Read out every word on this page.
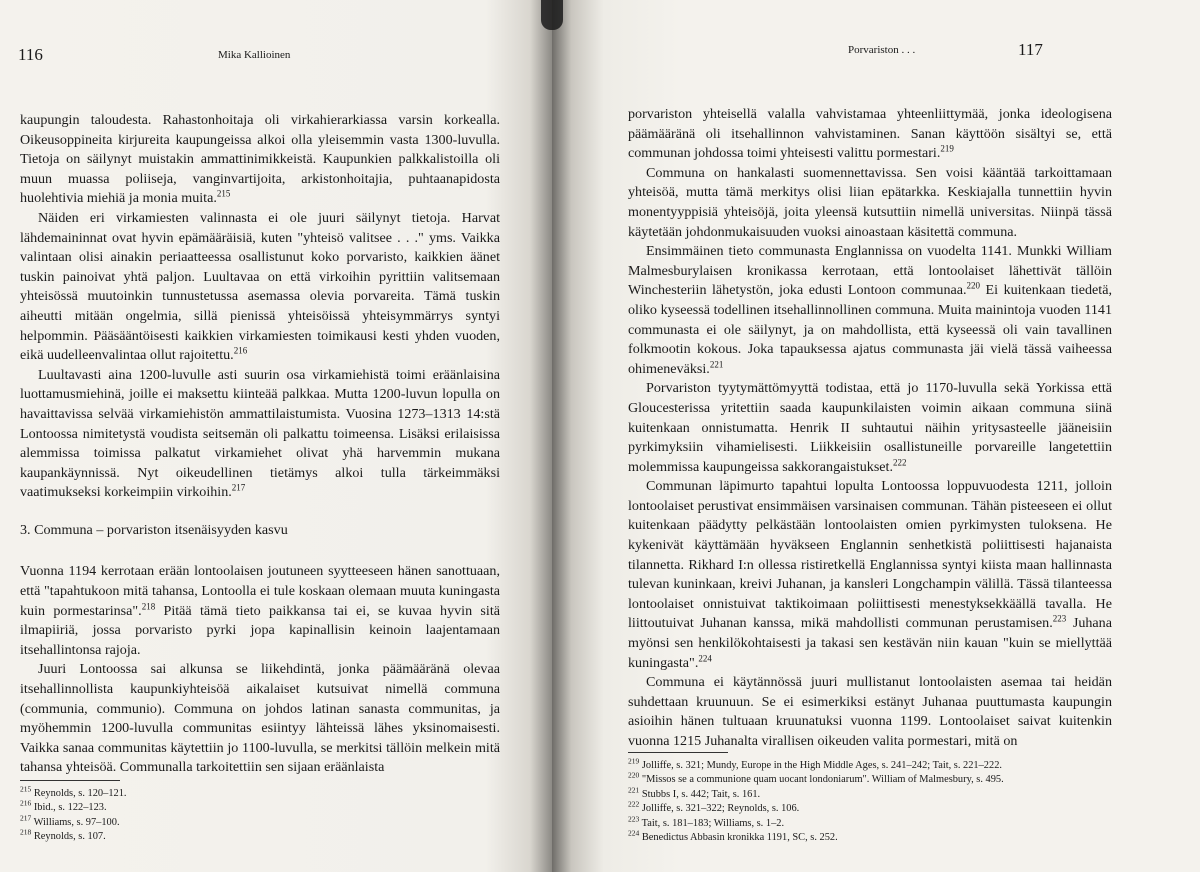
116	Mika Kallioinen

kaupungin taloudesta. Rahastonhoitaja oli virkahierarkiassa varsin korkealla. Oikeusoppineita kirjureita kaupungeissa alkoi olla yleisemmin vasta 1300-luvulla. Tietoja on säilynyt muistakin ammattinimikkeistä. Kaupunkien palkkalistoilla oli muun muassa poliiseja, vanginvartijoita, arkistonhoitajia, puhtaanapidosta huolehtivia miehiä ja monia muita.$^{215}$

Näiden eri virkamiesten valinnasta ei ole juuri säilynyt tietoja. Harvat lähdemaininnat ovat hyvin epämääräisiä, kuten "yhteisö valitsee . . ." yms. Vaikka valintaan olisi ainakin periaatteessa osallistunut koko porvaristo, kaikkien äänet tuskin painoivat yhtä paljon. Luultavaa on että virkoihin pyrittiin valitsemaan yhteisössä muutoinkin tunnustetussa asemassa olevia porvareita. Tämä tuskin aiheutti mitään ongelmia, sillä pienissä yhteisöissä yhteisymmärrys syntyi helpommin. Pääsääntöisesti kaikkien virkamiesten toimikausi kesti yhden vuoden, eikä uudelleenvalintaa ollut rajoitettu.$^{216}$

Luultavasti aina 1200-luvulle asti suurin osa virkamiehistä toimi eräänlaisina luottamusmiehinä, joille ei maksettu kiinteää palkkaa. Mutta 1200-luvun lopulla on havaittavissa selvää virkamiehistön ammattilaistumista. Vuosina 1273–1313 14:stä Lontoossa nimitetystä voudista seitsemän oli palkattu toimeensa. Lisäksi erilaisissa alemmissa toimissa palkatut virkamiehet olivat yhä harvemmin mukana kaupankäynnissä. Nyt oikeudellinen tietämys alkoi tulla tärkeimmäksi vaatimukseksi korkeimpiin virkoihin.$^{217}$

3. Communa – porvariston itsenäisyyden kasvu

Vuonna 1194 kerrotaan erään lontoolaisen joutuneen syytteeseen hänen sanottuaan, että "tapahtukoon mitä tahansa, Lontoolla ei tule koskaan olemaan muuta kuningasta kuin pormestarinsa".$^{218}$ Pitää tämä tieto paikkansa tai ei, se kuvaa hyvin sitä ilmapiiriä, jossa porvaristo pyrki jopa kapinallisin keinoin laajentamaan itsehallintonsa rajoja.

Juuri Lontoossa sai alkunsa se liikehdintä, jonka päämääränä olevaa itsehallinnollista kaupunkiyhteisöä aikalaiset kutsuivat nimellä communa (communia, communio). Communa on johdos latinan sanasta communitas, ja myöhemmin 1200-luvulla communitas esiintyy lähteissä lähes yksinomaisesti. Vaikka sanaa communitas käytettiin jo 1100-luvulla, se merkitsi tällöin melkein mitä tahansa yhteisöä. Communalla tarkoitettiin sen sijaan eräänlaista

$^{215}$ Reynolds, s. 120–121.
$^{216}$ Ibid., s. 122–123.
$^{217}$ Williams, s. 97–100.
$^{218}$ Reynolds, s. 107.
Porvariston . . .	117

porvariston yhteisellä valalla vahvistamaa yhteenliittymää, jonka ideologisena päämääränä oli itsehallinnon vahvistaminen. Sanan käyttöön sisältyi se, että communan johdossa toimi yhteisesti valittu pormestari.$^{219}$

Communa on hankalasti suomennettavissa. Sen voisi kääntää tarkoittamaan yhteisöä, mutta tämä merkitys olisi liian epätarkka. Keskiajalla tunnettiin hyvin monentyyppisiä yhteisöjä, joita yleensä kutsuttiin nimellä universitas. Niinpä tässä käytetään johdonmukaisuuden vuoksi ainoastaan käsitettä communa.

Ensimmäinen tieto communasta Englannissa on vuodelta 1141. Munkki William Malmesburylaisen kronikassa kerrotaan, että lontoolaiset lähettivät tällöin Winchesteriin lähetystön, joka edusti Lontoon communaa.$^{220}$ Ei kuitenkaan tiedetä, oliko kyseessä todellinen itsehallinnollinen communa. Muita mainintoja vuoden 1141 communasta ei ole säilynyt, ja on mahdollista, että kyseessä oli vain tavallinen folkmootin kokous. Joka tapauksessa ajatus communasta jäi vielä tässä vaiheessa ohimeneväksi.$^{221}$

Porvariston tyytymättömyyttä todistaa, että jo 1170-luvulla sekä Yorkissa että Gloucesterissa yritettiin saada kaupunkilaisten voimin aikaan communa siinä kuitenkaan onnistumatta. Henrik II suhtautui näihin yritysasteelle jääneisiin pyrkimyksiin vihamielisesti. Liikkeisiin osallistuneille porvareille langetettiin molemmissa kaupungeissa sakkorangaistukset.$^{222}$

Communan läpimurto tapahtui lopulta Lontoossa loppuvuodesta 1211, jolloin lontoolaiset perustivat ensimmäisen varsinaisen communan. Tähän pisteeseen ei ollut kuitenkaan päädytty pelkästään lontoolaisten omien pyrkimysten tuloksena. He kykenivät käyttämään hyväkseen Englannin senhetkistä poliittisesti hajanaista tilannetta. Rikhard I:n ollessa ristiretkellä Englannissa syntyi kiista maan hallinnasta tulevan kuninkaan, kreivi Juhanan, ja kansleri Longchampin välillä. Tässä tilanteessa lontoolaiset onnistuivat taktikoimaan poliittisesti menestyksekkäällä tavalla. He liittoutuivat Juhanan kanssa, mikä mahdollisti communan perustamisen.$^{223}$ Juhana myönsi sen henkilökohtaisesti ja takasi sen kestävän niin kauan "kuin se miellyttää kuningasta".$^{224}$

Communa ei käytännössä juuri mullistanut lontoolaisten asemaa tai heidän suhdettaan kruunuun. Se ei esimerkiksi estänyt Juhanaa puuttumasta kaupungin asioihin hänen tultuaan kruunatuksi vuonna 1199. Lontoolaiset saivat kuitenkin vuonna 1215 Juhanalta virallisen oikeuden valita pormestari, mitä on

$^{219}$ Jolliffe, s. 321; Mundy, Europe in the High Middle Ages, s. 241–242; Tait, s. 221–222.
$^{220}$ "Missos se a communione quam uocant londoniarum". William of Malmesbury, s. 495.
$^{221}$ Stubbs I, s. 442; Tait, s. 161.
$^{222}$ Jolliffe, s. 321–322; Reynolds, s. 106.
$^{223}$ Tait, s. 181–183; Williams, s. 1–2.
$^{224}$ Benedictus Abbasin kronikka 1191, SC, s. 252.
